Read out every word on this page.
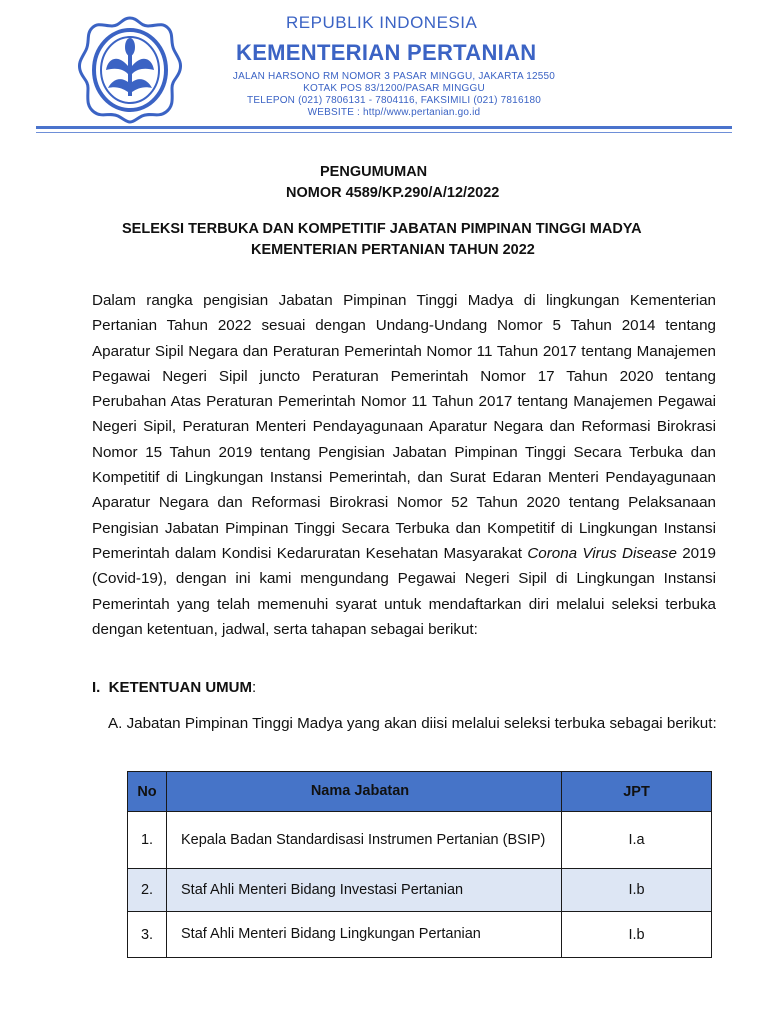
REPUBLIK INDONESIA
KEMENTERIAN PERTANIAN
JALAN HARSONO RM NOMOR 3 PASAR MINGGU, JAKARTA 12550
KOTAK POS 83/1200/PASAR MINGGU
TELEPON (021) 7806131 - 7804116, FAKSIMILI (021) 7816180
WEBSITE : http//www.pertanian.go.id
PENGUMUMAN
NOMOR 4589/KP.290/A/12/2022
SELEKSI TERBUKA DAN KOMPETITIF JABATAN PIMPINAN TINGGI MADYA
KEMENTERIAN PERTANIAN TAHUN 2022
Dalam rangka pengisian Jabatan Pimpinan Tinggi Madya di lingkungan Kementerian Pertanian Tahun 2022 sesuai dengan Undang-Undang Nomor 5 Tahun 2014 tentang Aparatur Sipil Negara dan Peraturan Pemerintah Nomor 11 Tahun 2017 tentang Manajemen Pegawai Negeri Sipil juncto Peraturan Pemerintah Nomor 17 Tahun 2020 tentang Perubahan Atas Peraturan Pemerintah Nomor 11 Tahun 2017 tentang Manajemen Pegawai Negeri Sipil, Peraturan Menteri Pendayagunaan Aparatur Negara dan Reformasi Birokrasi Nomor 15 Tahun 2019 tentang Pengisian Jabatan Pimpinan Tinggi Secara Terbuka dan Kompetitif di Lingkungan Instansi Pemerintah, dan Surat Edaran Menteri Pendayagunaan Aparatur Negara dan Reformasi Birokrasi Nomor 52 Tahun 2020 tentang Pelaksanaan Pengisian Jabatan Pimpinan Tinggi Secara Terbuka dan Kompetitif di Lingkungan Instansi Pemerintah dalam Kondisi Kedaruratan Kesehatan Masyarakat Corona Virus Disease 2019 (Covid-19), dengan ini kami mengundang Pegawai Negeri Sipil di Lingkungan Instansi Pemerintah yang telah memenuhi syarat untuk mendaftarkan diri melalui seleksi terbuka dengan ketentuan, jadwal, serta tahapan sebagai berikut:
I.  KETENTUAN UMUM:
A. Jabatan Pimpinan Tinggi Madya yang akan diisi melalui seleksi terbuka sebagai berikut:
No	Nama Jabatan	JPT
1.	Kepala Badan Standardisasi Instrumen Pertanian (BSIP)	I.a
2.	Staf Ahli Menteri Bidang Investasi Pertanian	I.b
3.	Staf Ahli Menteri Bidang Lingkungan Pertanian	I.b
